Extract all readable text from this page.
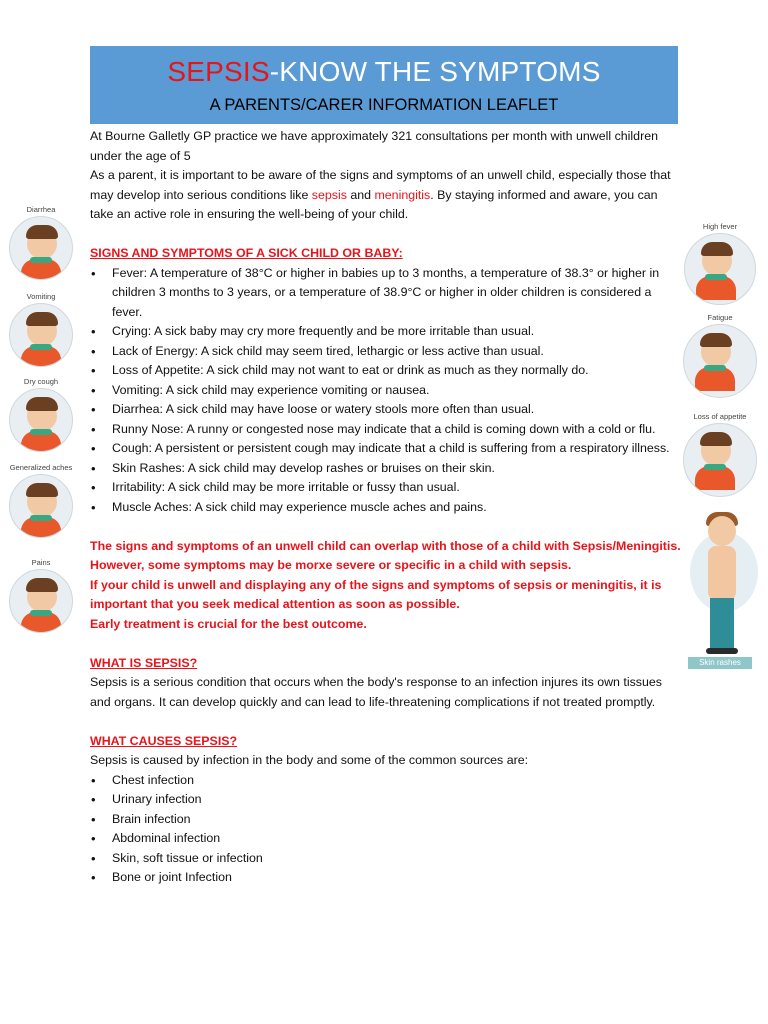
SEPSIS-KNOW THE SYMPTOMS
A PARENTS/CARER INFORMATION LEAFLET

At Bourne Galletly GP practice we have approximately 321 consultations per month with unwell children under the age of 5

As a parent, it is important to be aware of the signs and symptoms of an unwell child, especially those that may develop into serious conditions like sepsis and meningitis. By staying informed and aware, you can take an active role in ensuring the well-being of your child.

SIGNS AND SYMPTOMS OF A SICK CHILD OR BABY:

• Fever: A temperature of 38°C or higher in babies up to 3 months, a temperature of 38.3° or higher in children 3 months to 3 years, or a temperature of 38.9°C or higher in older children is considered a fever.
• Crying: A sick baby may cry more frequently and be more irritable than usual.
• Lack of Energy: A sick child may seem tired, lethargic or less active than usual.
• Loss of Appetite: A sick child may not want to eat or drink as much as they normally do.
• Vomiting: A sick child may experience vomiting or nausea.
• Diarrhea: A sick child may have loose or watery stools more often than usual.
• Runny Nose: A runny or congested nose may indicate that a child is coming down with a cold or flu.
• Cough: A persistent or persistent cough may indicate that a child is suffering from a respiratory illness.
• Skin Rashes: A sick child may develop rashes or bruises on their skin.
• Irritability: A sick child may be more irritable or fussy than usual.
• Muscle Aches: A sick child may experience muscle aches and pains.

The signs and symptoms of an unwell child can overlap with those of a child with Sepsis/Meningitis.

However, some symptoms may be morxe severe or specific in a child with sepsis.

If your child is unwell and displaying any of the signs and symptoms of sepsis or meningitis, it is important that you seek medical attention as soon as possible.

Early treatment is crucial for the best outcome.

WHAT IS SEPSIS?

Sepsis is a serious condition that occurs when the body's response to an infection injures its own tissues and organs. It can develop quickly and can lead to life-threatening complications if not treated promptly.

WHAT CAUSES SEPSIS?

Sepsis is caused by infection in the body and some of the common sources are:

• Chest infection
• Urinary infection
• Brain infection
• Abdominal infection
• Skin, soft tissue or infection
• Bone or joint Infection
Diarrhea
Vomiting
Dry cough
Generalized aches
Pains
High fever
Fatigue
Loss of appetite
Skin rashes
